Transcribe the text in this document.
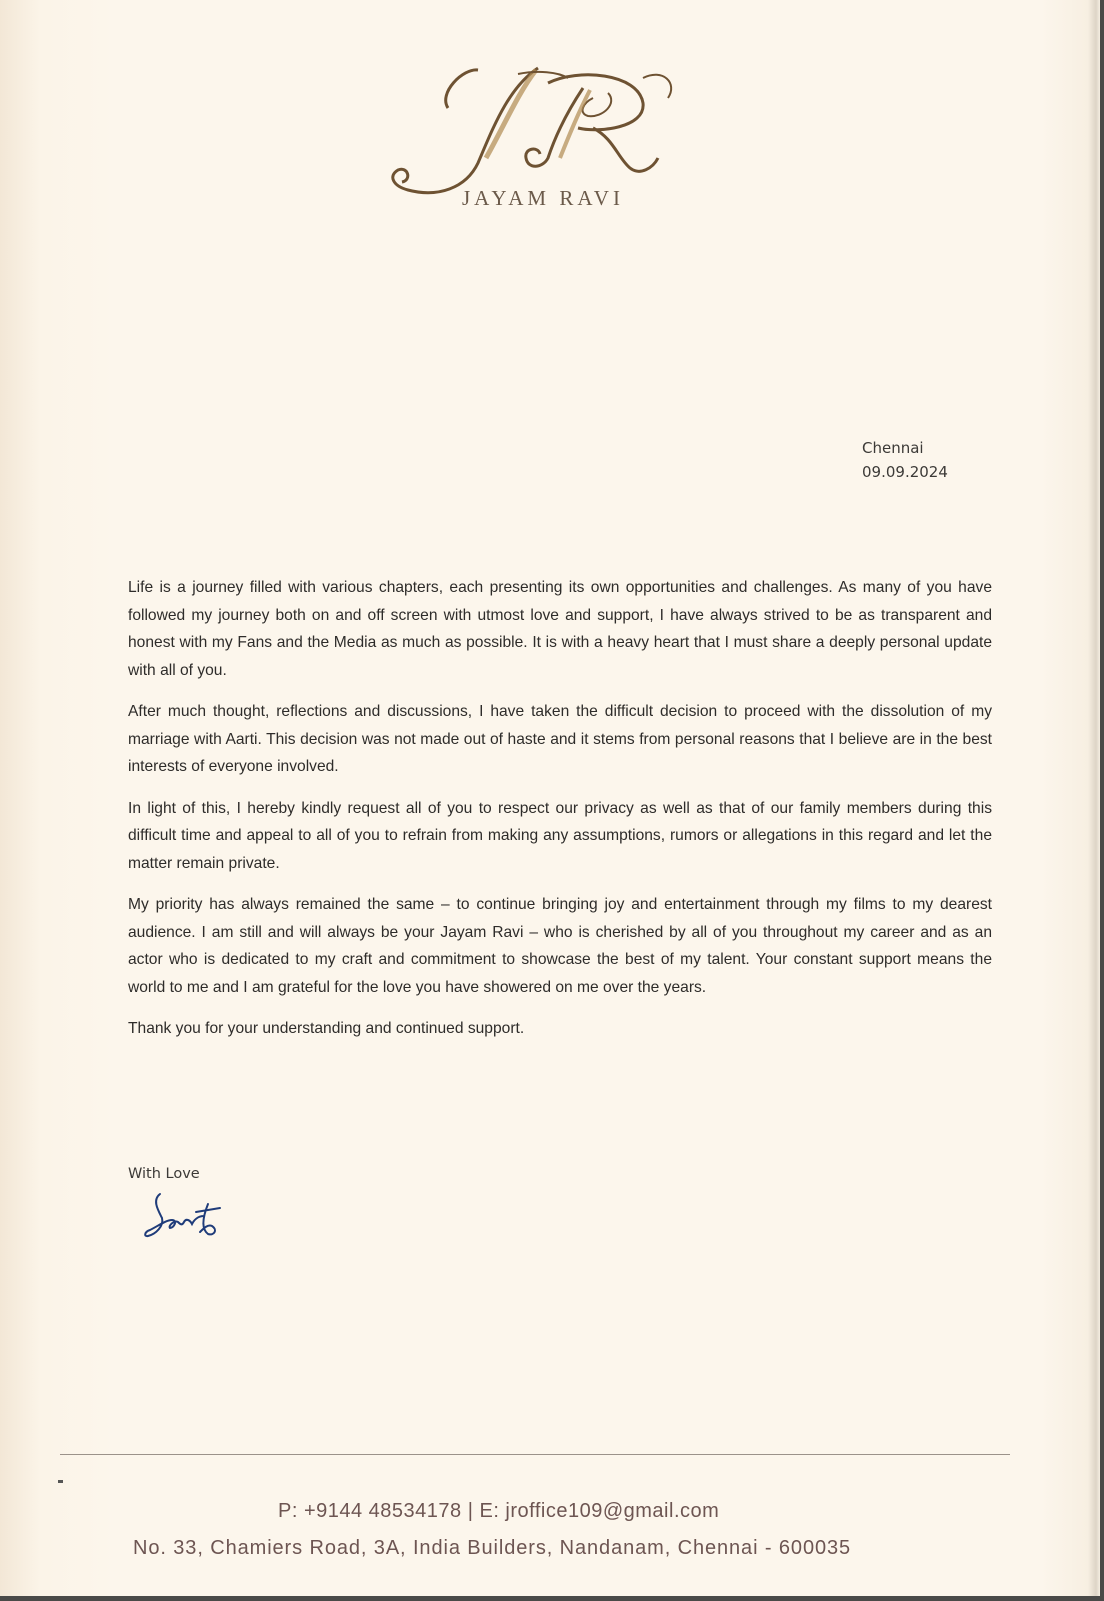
JAYAM RAVI
Chennai
09.09.2024

Life is a journey filled with various chapters, each presenting its own opportunities and challenges. As many of you have followed my journey both on and off screen with utmost love and support, I have always strived to be as transparent and honest with my Fans and the Media as much as possible. It is with a heavy heart that I must share a deeply personal update with all of you.

After much thought, reflections and discussions, I have taken the difficult decision to proceed with the dissolution of my marriage with Aarti. This decision was not made out of haste and it stems from personal reasons that I believe are in the best interests of everyone involved.

In light of this, I hereby kindly request all of you to respect our privacy as well as that of our family members during this difficult time and appeal to all of you to refrain from making any assumptions, rumors or allegations in this regard and let the matter remain private.

My priority has always remained the same – to continue bringing joy and entertainment through my films to my dearest audience. I am still and will always be your Jayam Ravi – who is cherished by all of you throughout my career and as an actor who is dedicated to my craft and commitment to showcase the best of my talent. Your constant support means the world to me and I am grateful for the love you have showered on me over the years.

Thank you for your understanding and continued support.

With Love
P: +9144 48534178 | E: jroffice109@gmail.com
No. 33, Chamiers Road, 3A, India Builders, Nandanam, Chennai - 600035
